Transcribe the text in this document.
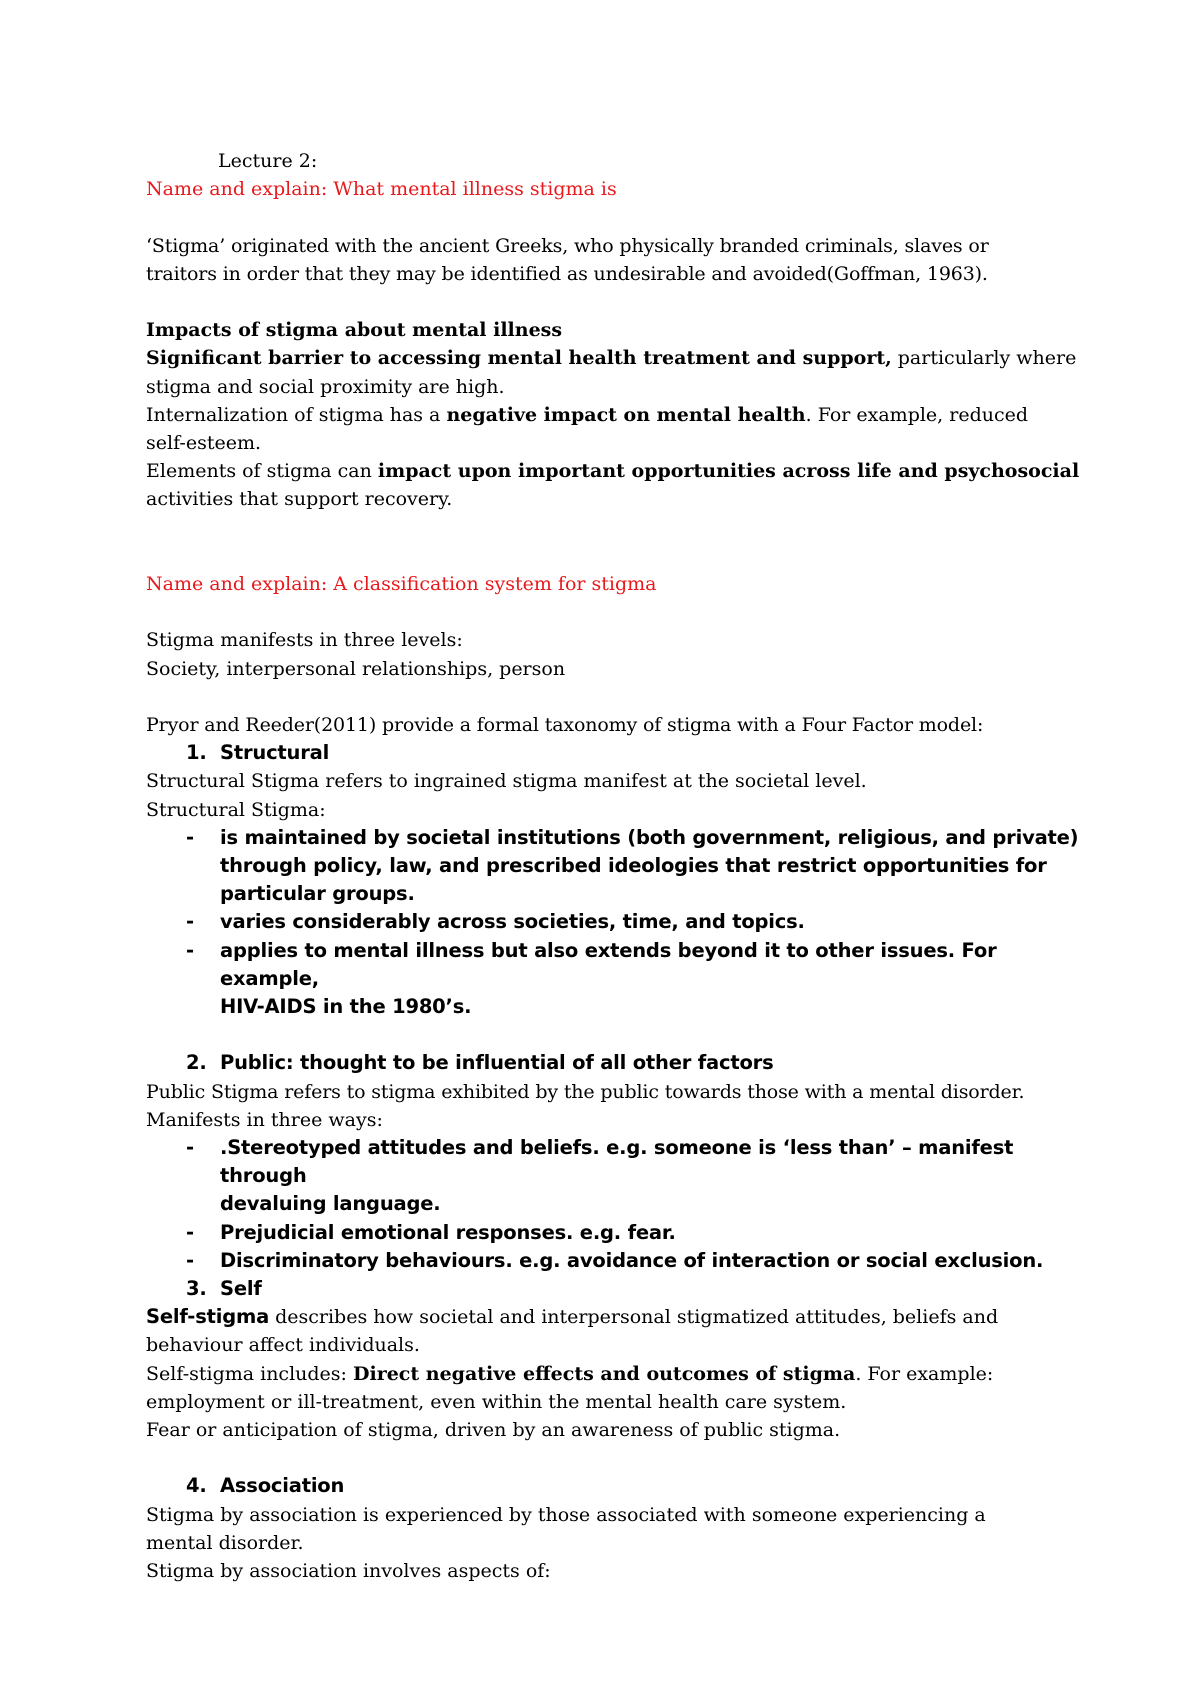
Lecture 2:
Name and explain: What mental illness stigma is
‘Stigma’ originated with the ancient Greeks, who physically branded criminals, slaves or
traitors in order that they may be identified as undesirable and avoided(Goffman, 1963).
Impacts of stigma about mental illness
Significant barrier to accessing mental health treatment and support, particularly where
stigma and social proximity are high.
Internalization of stigma has a negative impact on mental health. For example, reduced
self-esteem.
Elements of stigma can impact upon important opportunities across life and psychosocial
activities that support recovery.
Name and explain: A classification system for stigma
Stigma manifests in three levels:
Society, interpersonal relationships, person
Pryor and Reeder(2011) provide a formal taxonomy of stigma with a Four Factor model:
1. Structural
Structural Stigma refers to ingrained stigma manifest at the societal level.
Structural Stigma:
- is maintained by societal institutions (both government, religious, and private)
through policy, law, and prescribed ideologies that restrict opportunities for
particular groups.
- varies considerably across societies, time, and topics.
- applies to mental illness but also extends beyond it to other issues. For example,
HIV-AIDS in the 1980’s.
2. Public: thought to be influential of all other factors
Public Stigma refers to stigma exhibited by the public towards those with a mental disorder.
Manifests in three ways:
- .Stereotyped attitudes and beliefs. e.g. someone is ‘less than’ – manifest through
devaluing language.
- Prejudicial emotional responses. e.g. fear.
- Discriminatory behaviours. e.g. avoidance of interaction or social exclusion.
3. Self
Self-stigma describes how societal and interpersonal stigmatized attitudes, beliefs and
behaviour affect individuals.
Self-stigma includes: Direct negative effects and outcomes of stigma. For example:
employment or ill-treatment, even within the mental health care system.
Fear or anticipation of stigma, driven by an awareness of public stigma.
4. Association
Stigma by association is experienced by those associated with someone experiencing a
mental disorder.
Stigma by association involves aspects of:
